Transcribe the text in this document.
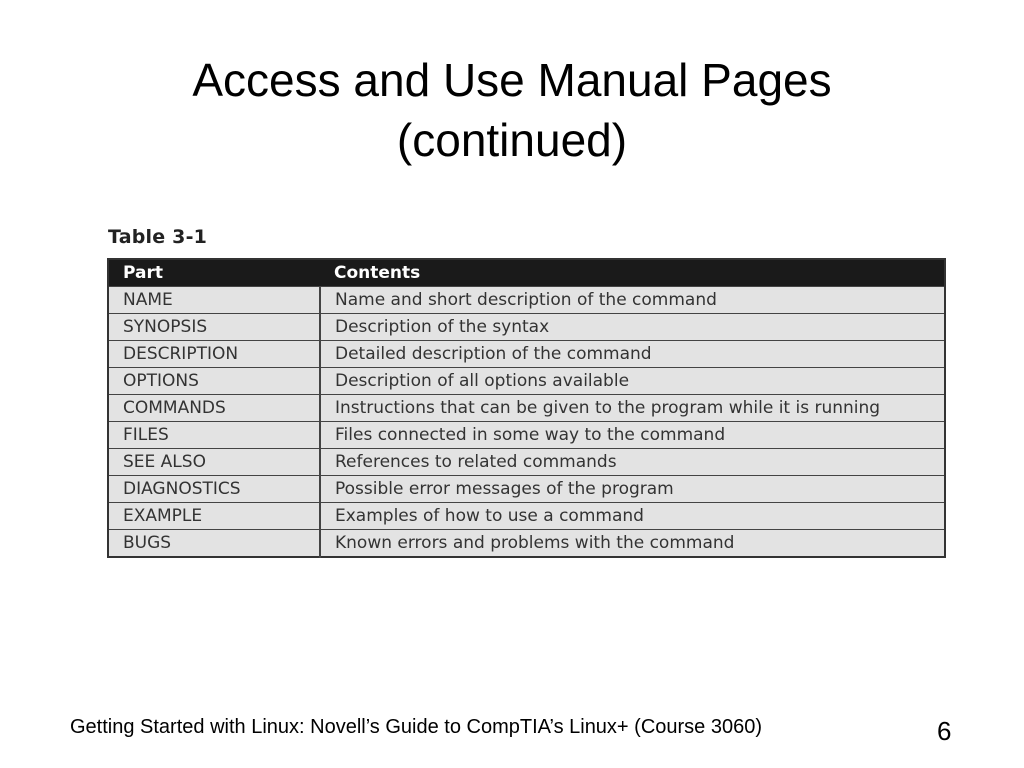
Access and Use Manual Pages
(continued)
Table 3-1
Part	Contents
NAME	Name and short description of the command
SYNOPSIS	Description of the syntax
DESCRIPTION	Detailed description of the command
OPTIONS	Description of all options available
COMMANDS	Instructions that can be given to the program while it is running
FILES	Files connected in some way to the command
SEE ALSO	References to related commands
DIAGNOSTICS	Possible error messages of the program
EXAMPLE	Examples of how to use a command
BUGS	Known errors and problems with the command
Getting Started with Linux: Novell’s Guide to CompTIA’s Linux+ (Course 3060)	6
